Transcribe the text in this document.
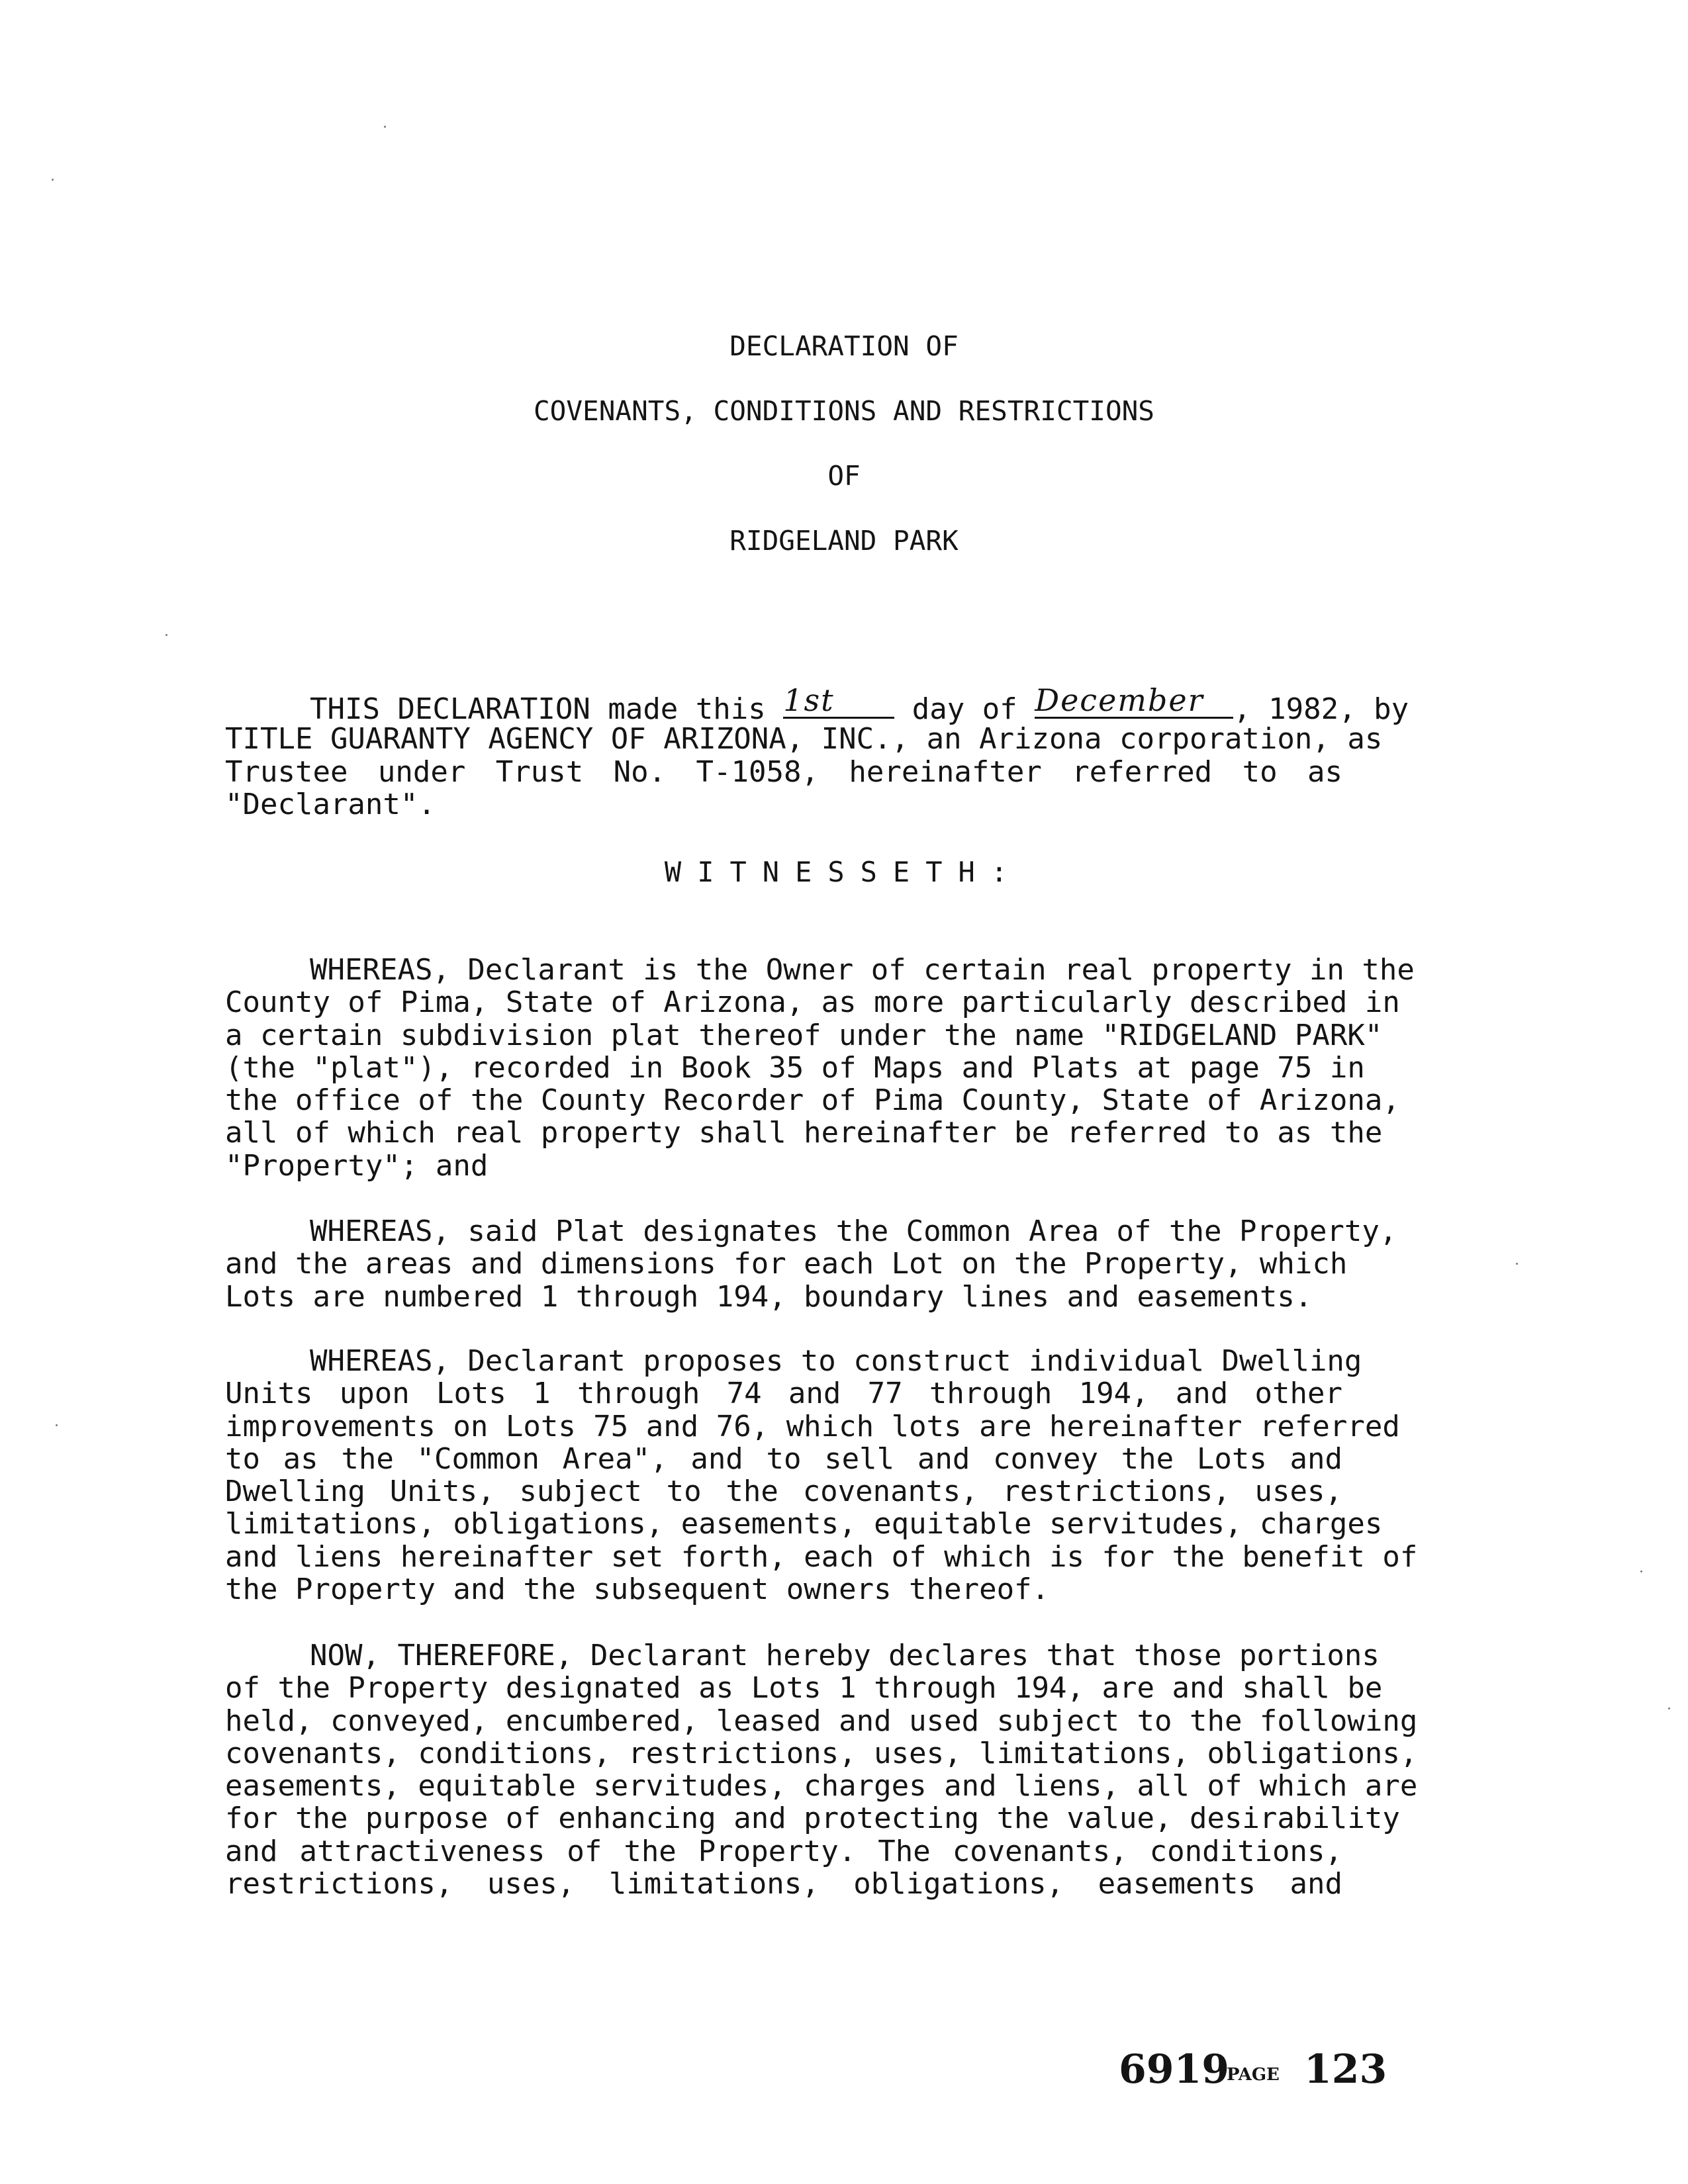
DECLARATION OF
COVENANTS, CONDITIONS AND RESTRICTIONS
OF
RIDGELAND PARK
THIS DECLARATION made this 1st	day of December	, 1982, by
TITLE GUARANTY AGENCY OF ARIZONA, INC., an Arizona corporation, as
Trustee under Trust No. T-1058, hereinafter referred to as
"Declarant".
WITNESSETH:
WHEREAS, Declarant is the Owner of certain real property in the
County of Pima, State of Arizona, as more particularly described in
a certain subdivision plat thereof under the name "RIDGELAND PARK"
(the "plat"), recorded in Book 35 of Maps and Plats at page 75 in
the office of the County Recorder of Pima County, State of Arizona,
all of which real property shall hereinafter be referred to as the
"Property"; and
WHEREAS, said Plat designates the Common Area of the Property,
and the areas and dimensions for each Lot on the Property, which
Lots are numbered 1 through 194, boundary lines and easements.
WHEREAS, Declarant proposes to construct individual Dwelling
Units upon Lots 1 through 74 and 77 through 194, and other
improvements on Lots 75 and 76, which lots are hereinafter referred
to as the "Common Area", and to sell and convey the Lots and
Dwelling Units, subject to the covenants, restrictions, uses,
limitations, obligations, easements, equitable servitudes, charges
and liens hereinafter set forth, each of which is for the benefit of
the Property and the subsequent owners thereof.
NOW, THEREFORE, Declarant hereby declares that those portions
of the Property designated as Lots 1 through 194, are and shall be
held, conveyed, encumbered, leased and used subject to the following
covenants, conditions, restrictions, uses, limitations, obligations,
easements, equitable servitudes, charges and liens, all of which are
for the purpose of enhancing and protecting the value, desirability
and attractiveness of the Property. The covenants, conditions,
restrictions, uses, limitations, obligations, easements and
6919
PAGE 123
